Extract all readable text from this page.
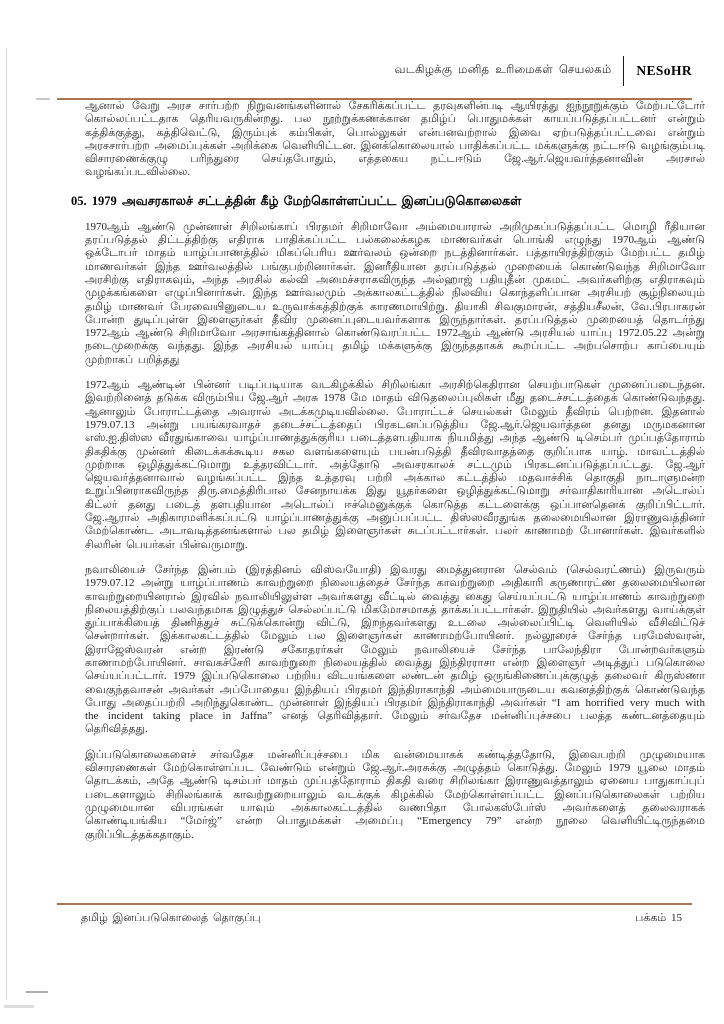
வடகிழக்கு மனித உரிமைகள் செயலகம்	NESoHR

ஆனால் வேறு அரச சார்பற்ற நிறுவனங்களினால் சேகரிக்கப்பட்ட தரவுகளின்படி ஆயிரத்து ஐந்நூறுக்கும் மேற்பட்டோர் கொல்லப்பட்டதாக தெரியவருகின்றது. பல நூற்றுக்கணக்கான தமிழ்ப் பொதுமக்கள் காயப்படுத்தப்பட்டனர் என்றும் கத்திக்குத்து, கத்திவெட்டு, இரும்புக் கம்பிகள், பொல்லுகள் என்பனவற்றால் இவை ஏற்படுத்தப்பட்டவை என்றும் அரசசார்பற்ற அமைப்புக்கள் அறிக்கை வெளியிட்டன. இனக்கொலையால் பாதிக்கப்பட்ட மக்களுக்கு நட்டஈடு வழங்கும்படி விசாரணைக்குழு பரிந்துரை செய்தபோதும், எத்தகைய நட்டஈடும் ஜே.ஆர்.ஜெயவர்த்தனாவின் அரசால் வழங்கப்படவில்லை.

05. 1979 அவசரகாலச் சட்டத்தின் கீழ் மேற்கொள்ளப்பட்ட இனப்படுகொலைகள்

1970ஆம் ஆண்டு முன்னாள் சிறிலங்காப் பிரதமர் சிறிமாவோ அம்மையாரால் அறிமுகப்படுத்தப்பட்ட மொழி ரீதியான தரப்படுத்தல் திட்டத்திற்கு எதிராக பாதிக்கப்பட்ட பல்கலைக்கழக மாணவர்கள் பொங்கி எழுந்து 1970ஆம் ஆண்டு ஒக்டோபர் மாதம் யாழ்ப்பாணத்தில் மிகப்பெரிய ஊர்வலம் ஒன்றை நடத்தினார்கள். பத்தாயிரத்திற்கும் மேற்பட்ட தமிழ் மாணவர்கள் இந்த ஊர்வலத்தில் பங்குபற்றினார்கள். இனரீதியான தரப்படுத்தல் முறையைக் கொண்டுவந்த சிறிமாவோ அரசிற்கு எதிராகவும், அந்த அரசில் கல்வி அமைச்சராகவிருந்த அல்ஹாஜ் பதியுதீன் முகமட் அவர்களிற்கு எதிராகவும் முழக்கங்களை எழுப்பினார்கள். இந்த ஊர்வலமும் அக்காலகட்டத்தில் நிலவிய கொந்தளிப்பான அரசியற் சூழ்நிலையும் தமிழ் மாணவர் பேரவையினுடைய உருவாக்கத்திற்குக் காரணமாயிற்று. தியாகி சிவகுமாரன், சத்தியசீலன், வே.பிரபாகரன் போன்ற துடிப்புள்ள இளைஞர்கள் தீவிர முனைப்புடையவர்களாக இருந்தார்கள். தரப்படுத்தல் முறையைத் தொடர்ந்து 1972ஆம் ஆண்டு சிறிமாவோ அரசாங்கத்தினால் கொண்டுவரப்பட்ட 1972ஆம் ஆண்டு அரசியல் யாப்பு 1972.05.22 அன்று நடைமுறைக்கு வந்தது. இந்த அரசியல் யாப்பு தமிழ் மக்களுக்கு இருந்ததாகக் கூறப்பட்ட அற்பசொற்ப காப்பையும் முற்றாகப் பறித்தது

1972ஆம் ஆண்டின் பின்னர் படிப்படியாக வடகிழக்கில் சிறிலங்கா அரசிற்கெதிரான செயற்பாடுகள் முனைப்படைந்தன. இவற்றினைத் தடுக்க விரும்பிய ஜே.ஆர் அரசு 1978 மே மாதம் விடுதலைப்புலிகள் மீது தடைச்சட்டத்தைக் கொண்டுவந்தது. ஆனாலும் போராட்டத்தை அவரால் அடக்கமுடியவில்லை. போராட்டச் செயல்கள் மேலும் தீவிரம் பெற்றன. இதனால் 1979.07.13 அன்று பயங்கரவாதச் தடைச்சட்டத்தைப் பிரகடனப்படுத்திய ஜே.ஆர்.ஜெயவர்த்தன தனது மருமகனான எஸ்.ஐ.திஸ்ஸ வீரதுங்காவை யாழ்ப்பாணத்துக்குரிய படைத்தளபதியாக நியமித்து அந்த ஆண்டு டிசெம்பர் முப்பத்தோராம் திகதிக்கு முன்னர் கிடைக்கக்கூடிய சகல வளங்களையும் பயன்படுத்தி தீவிரவாதத்தை குறிப்பாக யாழ். மாவட்டத்தில் முற்றாக ஒழித்துக்கட்டுமாறு உத்தரவிட்டார். அத்தோடு அவசரகாலச் சட்டமும் பிரகடனப்படுத்தப்பட்டது. ஜே.ஆர் ஜெயவர்த்தனாவால் வழங்கப்பட்ட இந்த உத்தரவு பற்றி அக்கால கட்டத்தில் மதவாச்சிக் தொகுதி நாடாளுமன்ற உறுப்பினராகவிருந்த திரு.மைத்திரிபால சேனநாயக்க இது யூதர்களை ஒழித்துக்கட்டுமாறு சர்வாதிகாரியான அடொல்ப் கிட்லர் தனது படைத் தளபதியான அடொல்ப் ஈச்மெனுக்குக் கொடுத்த கட்டளைக்கு ஒப்பானதெனக் குறிப்பிட்டார். ஜே.ஆரால் அதிகாரமளிக்கப்பட்டு யாழ்ப்பாணத்துக்கு அனுப்பப்பட்ட திஸ்ஸவீரதுங்க தலைமையிலான இராணுவத்தினர் மேற்கொண்ட அடாவடித்தனங்களால் பல தமிழ் இளைஞர்கள் சுடப்பட்டார்கள். பலர் காணாமற் போனார்கள். இவர்களில் சிலரின் பெயர்கள் பின்வருமாறு.

நவாலியைச் சேர்ந்த இன்பம் (இரத்தினம் விஸ்வயோதி) இவரது மைத்துனரான செல்வம் (செல்வரட்ணம்) இருவரும் 1979.07.12 அன்று யாழ்ப்பாணம் காவற்றுறை நிலையத்தைச் சேர்ந்த காவற்றுறை அதிகாரி கருணாரட்ண தலைமையிலான காவற்றுறையினரால் இரவில் நவாலியிலுள்ள அவர்களது வீட்டில் வைத்து கைது செய்யப்பட்டு யாழ்ப்பாணம் காவற்றுறை நிலையத்திற்குப் பலவந்தமாக இழுத்துச் செல்லப்பட்டு மிகமோசமாகத் தாக்கப்பட்டார்கள். இறுதியில் அவர்களது வாய்க்குள் துப்பாக்கியைத் திணித்துச் சுட்டுக்கொன்று விட்டு, இறந்தவர்களது உடலை அல்லைப்பிட்டி வெளியில் வீசிவிட்டுச் சென்றார்கள். இக்காலகட்டத்தில் மேலும் பல இளைஞர்கள் காணாமற்போயினர். நல்லூரைச் சேர்ந்த பரமேஸ்வரன், இராஜேஸ்வரன் என்ற இரண்டு சகோதரர்கள் மேலும் நவாலியைச் சேர்ந்த பாலேந்திரா போன்றவர்களும் காணாமற்போயினர். சாவகச்சேரி காவற்றுறை நிலையத்தில் வைத்து இந்திரராசா என்ற இளைஞர் அடித்துப் படுகொலை செய்யப்பட்டார். 1979 இப்படுகொலை பற்றிய விடயங்களை லண்டன் தமிழ் ஒருங்கிணைப்புக்குழுத் தலைவர் கிருஸ்ணா வைகுந்தவாசன் அவர்கள் அப்போதைய இந்தியப் பிரதமர் இந்திராகாந்தி அம்மையாருடைய கவனத்திற்குக் கொண்டுவந்த போது அதைப்பற்றி அறிந்துகொண்ட முன்னாள் இந்தியப் பிரதமர் இந்திராகாந்தி அவர்கள் “I am horrified very much with the incident taking place in Jaffna” எனத் தெரிவித்தார். மேலும் சர்வதேச மன்னிப்புச்சபை பலத்த கண்டனத்தையும் தெரிவித்தது.

இப்படுகொலைகளைச் சர்வதேச மன்னிப்புச்சபை மிக வன்மையாகக் கண்டித்ததோடு, இவைபற்றி முழுமையாக விசாரணைகள் மேற்கொள்ளப்பட வேண்டும் என்றும் ஜே.ஆர்.அரசுக்கு அழுத்தம் கொடுத்து. மேலும் 1979 யூலை மாதம் தொடக்கம், அதே ஆண்டு டிசம்பர் மாதம் முப்பத்தோராம் திகதி வரை சிறிலங்கா இராணுவத்தாலும் ஏனைய பாதுகாப்புப் படைகளாலும் சிறிலங்காக் காவற்றுறையாலும் வடக்குக் கிழக்கில் மேற்கொள்ளப்பட்ட இனப்படுகொலைகள் பற்றிய முழுமையான விபரங்கள் யாவும் அக்காலகட்டத்தில் வணபிதா போல்கஸ்பேர்ஸ் அவர்களைத் தலைவராகக் கொண்டியங்கிய “மேர்ஜ்” என்ற பொதுமக்கள் அமைப்பு “Emergency 79” என்ற நூலை வெளியிட்டிருந்தமை குறிப்பிடத்தக்கதாகும்.

தமிழ் இனப்படுகொலைத் தொகுப்பு	பக்கம் 15
